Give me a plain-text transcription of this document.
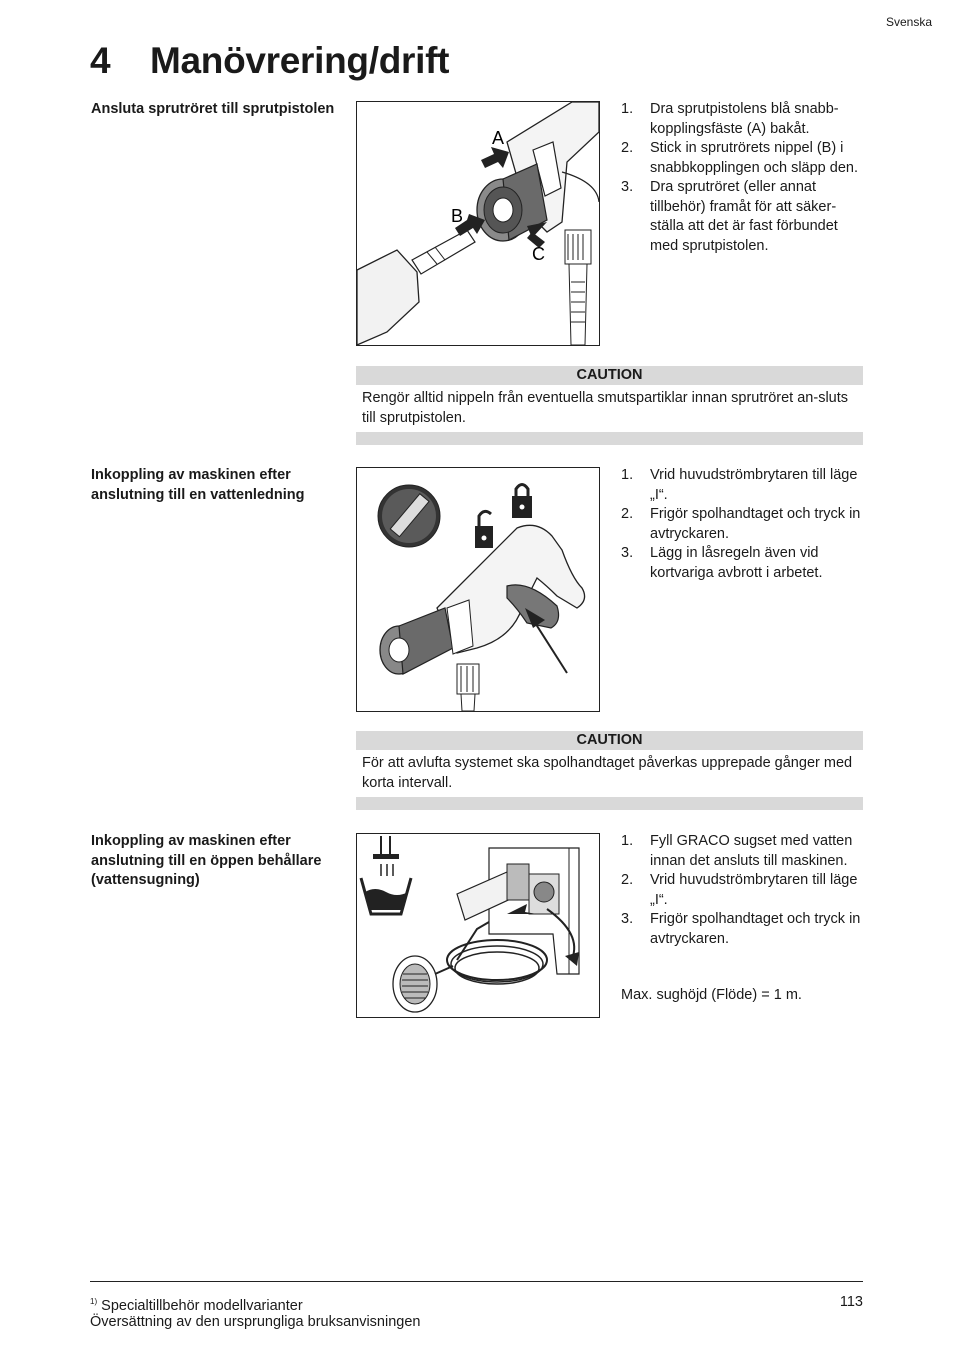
Svenska
4 Manövrering/drift
Ansluta sprutröret till sprutpistolen
A
B
C
1. Dra sprutpistolens blå snabb-kopplingsfäste (A) bakåt.
2. Stick in sprutrörets nippel (B) i snabbkopplingen och släpp den.
3. Dra sprutröret (eller annat tillbehör) framåt för att säker-ställa att det är fast förbundet med sprutpistolen.
CAUTION
Rengör alltid nippeln från eventuella smutspartiklar innan sprutröret an-sluts till sprutpistolen.
Inkoppling av maskinen efter anslutning till en vattenledning
1. Vrid huvudströmbrytaren till läge „I“.
2. Frigör spolhandtaget och tryck in avtryckaren.
3. Lägg in låsregeln även vid kortvariga avbrott i arbetet.
CAUTION
För att avlufta systemet ska spolhandtaget påverkas upprepade gånger med korta intervall.
Inkoppling av maskinen efter anslutning till en öppen behållare (vattensugning)
1. Fyll GRACO sugset med vatten innan det ansluts till maskinen.
2. Vrid huvudströmbrytaren till läge „I“.
3. Frigör spolhandtaget och tryck in avtryckaren.
Max. sughöjd (Flöde) = 1 m.
$^{1)}$ Specialtillbehör modellvarianter
Översättning av den ursprungliga bruksanvisningen
113
